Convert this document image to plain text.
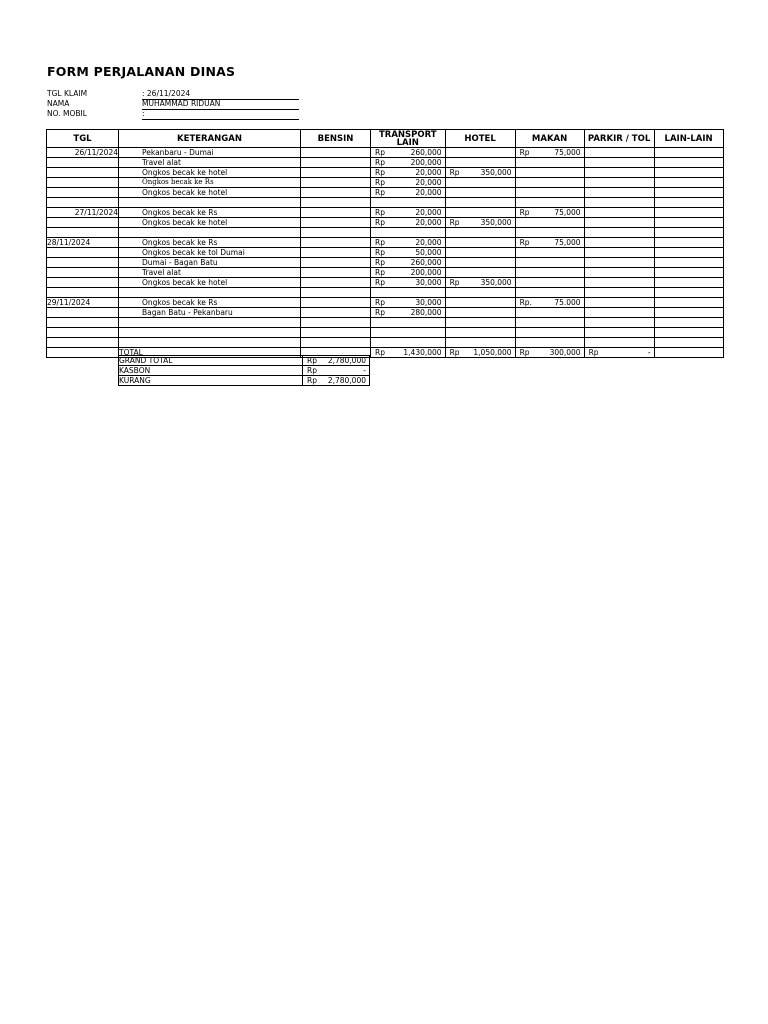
FORM PERJALANAN DINAS
TGL KLAIM	: 26/11/2024
NAMA	MUHAMMAD RIDUAN
NO. MOBIL	:
TGL	KETERANGAN	BENSIN	TRANSPORT LAIN	HOTEL	MAKAN	PARKIR / TOL	LAIN-LAIN
26/11/2024	Pekanbaru - Dumai		Rp 260,000		Rp 75,000		

	Travel alat		Rp 200,000				

	Ongkos becak ke hotel		Rp 20,000	Rp 350,000			

	Ongkos becak ke Rs		Rp 20,000				

	Ongkos becak ke hotel		Rp 20,000				

27/11/2024	Ongkos becak ke Rs		Rp 20,000		Rp 75,000		

	Ongkos becak ke hotel		Rp 20,000	Rp 350,000			

28/11/2024	Ongkos becak ke Rs		Rp 20,000		Rp 75,000		

	Ongkos becak ke tol Dumai		Rp 50,000				

	Dumai - Bagan Batu		Rp 260,000				

	Travel alat		Rp 200,000				

	Ongkos becak ke hotel		Rp 30,000	Rp 350,000			

29/11/2024	Ongkos becak ke Rs		Rp 30,000		Rp. 75.000		

	Bagan Batu - Pekanbaru		Rp 280,000				

	TOTAL		Rp 1,430,000	Rp 1,050,000	Rp 300,000	Rp -	

GRAND TOTAL	Rp 2,780,000

KASBON	Rp -

KURANG	Rp 2,780,000
